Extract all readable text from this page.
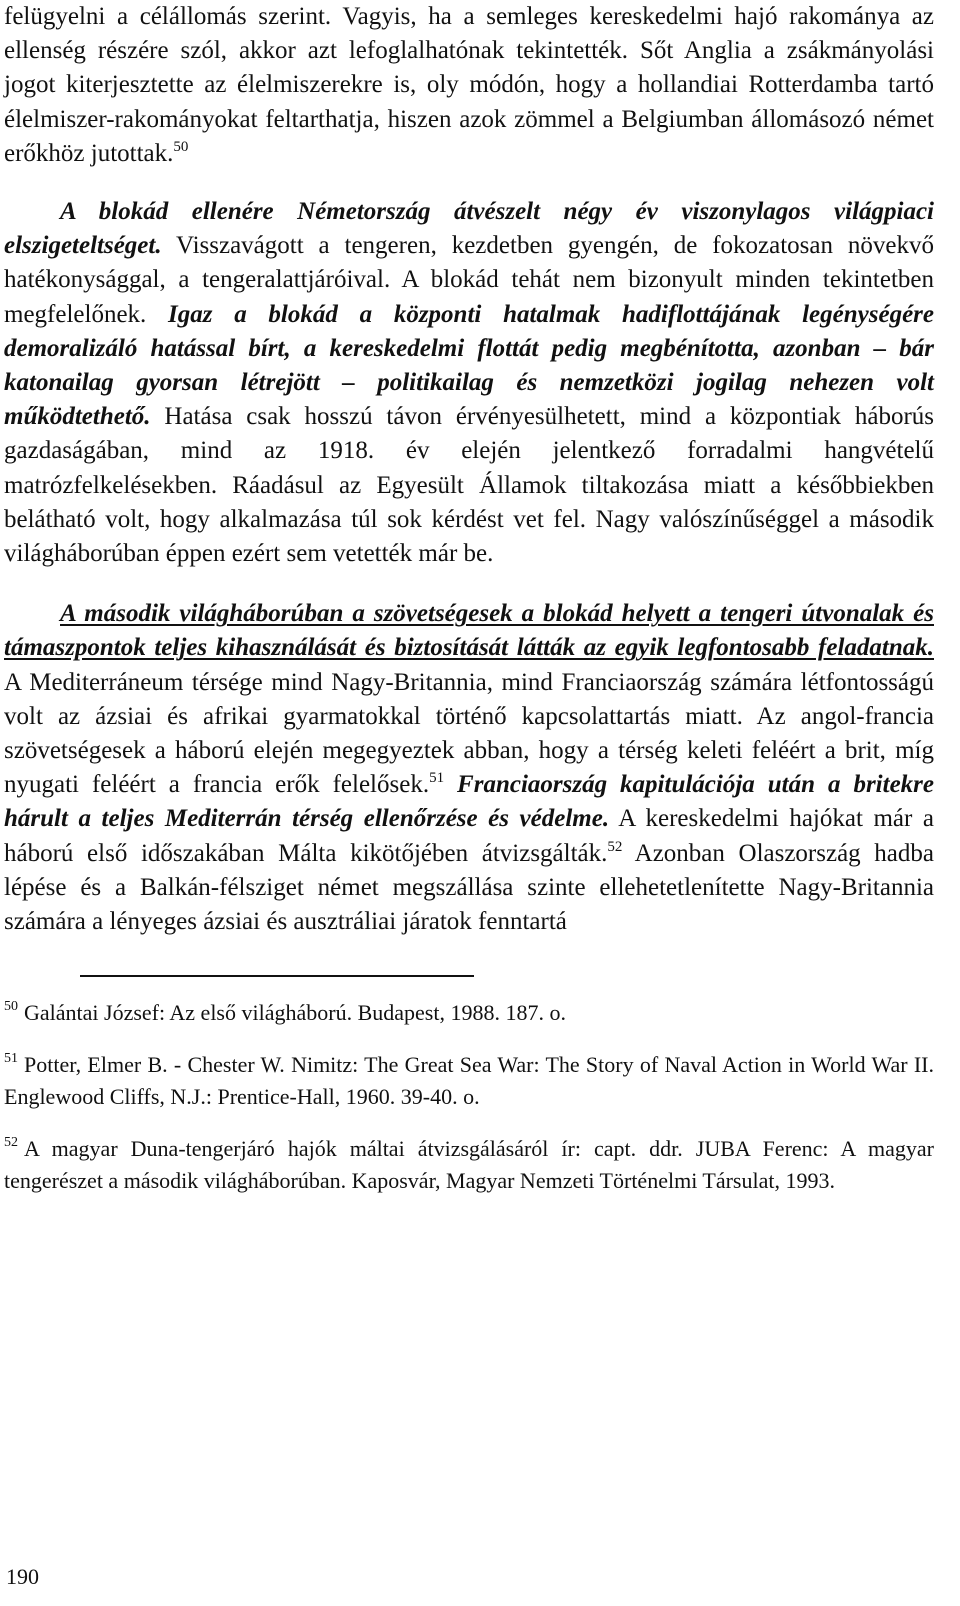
felügyelni a célállomás szerint. Vagyis, ha a semleges kereskedelmi hajó rakománya az ellenség részére szól, akkor azt lefoglalhatónak tekintették. Sőt Anglia a zsákmányolási jogot kiterjesztette az élelmiszerekre is, oly módón, hogy a hollandiai Rotterdamba tartó élelmiszer-rakományokat feltarthatja, hiszen azok zömmel a Belgiumban állomásozó német erőkhöz jutottak.$^{50}$

A blokád ellenére Németország átvészelt négy év viszonylagos világpiaci elszigeteltséget. Visszavágott a tengeren, kezdetben gyengén, de fokozatosan növekvő hatékonysággal, a tengeralattjáróival. A blokád tehát nem bizonyult minden tekintetben megfelelőnek. Igaz a blokád a központi hatalmak hadiflottájának legénységére demoralizáló hatással bírt, a kereskedelmi flottát pedig megbénította, azonban – bár katonailag gyorsan létrejött – politikailag és nemzetközi jogilag nehezen volt működtethető. Hatása csak hosszú távon érvényesülhetett, mind a központiak háborús gazdaságában, mind az 1918. év elején jelentkező forradalmi hangvételű matrózfelkelésekben. Ráadásul az Egyesült Államok tiltakozása miatt a későbbiekben belátható volt, hogy alkalmazása túl sok kérdést vet fel. Nagy valószínűséggel a második világháborúban éppen ezért sem vetették már be.

A második világháborúban a szövetségesek a blokád helyett a tengeri útvonalak és támaszpontok teljes kihasználását és biztosítását látták az egyik legfontosabb feladatnak. A Mediterráneum térsége mind Nagy-Britannia, mind Franciaország számára létfontosságú volt az ázsiai és afrikai gyarmatokkal történő kapcsolattartás miatt. Az angol-francia szövetségesek a háború elején megegyeztek abban, hogy a térség keleti feléért a brit, míg nyugati feléért a francia erők felelősek.$^{51}$ Franciaország kapitulációja után a britekre hárult a teljes Mediterrán térség ellenőrzése és védelme. A kereskedelmi hajókat már a háború első időszakában Málta kikötőjében átvizsgálták.$^{52}$ Azonban Olaszország hadba lépése és a Balkán-félsziget német megszállása szinte ellehetetlenítette Nagy-Britannia számára a lényeges ázsiai és ausztráliai járatok fenntartá

$^{50}$ Galántai József: Az első világháború. Budapest, 1988. 187. o.

$^{51}$ Potter, Elmer B. - Chester W. Nimitz: The Great Sea War: The Story of Naval Action in World War II. Englewood Cliffs, N.J.: Prentice-Hall, 1960. 39-40. o.

$^{52}$ A magyar Duna-tengerjáró hajók máltai átvizsgálásáról ír: capt. ddr. JUBA Ferenc: A magyar tengerészet a második világháborúban. Kaposvár, Magyar Nemzeti Történelmi Társulat, 1993.

190
